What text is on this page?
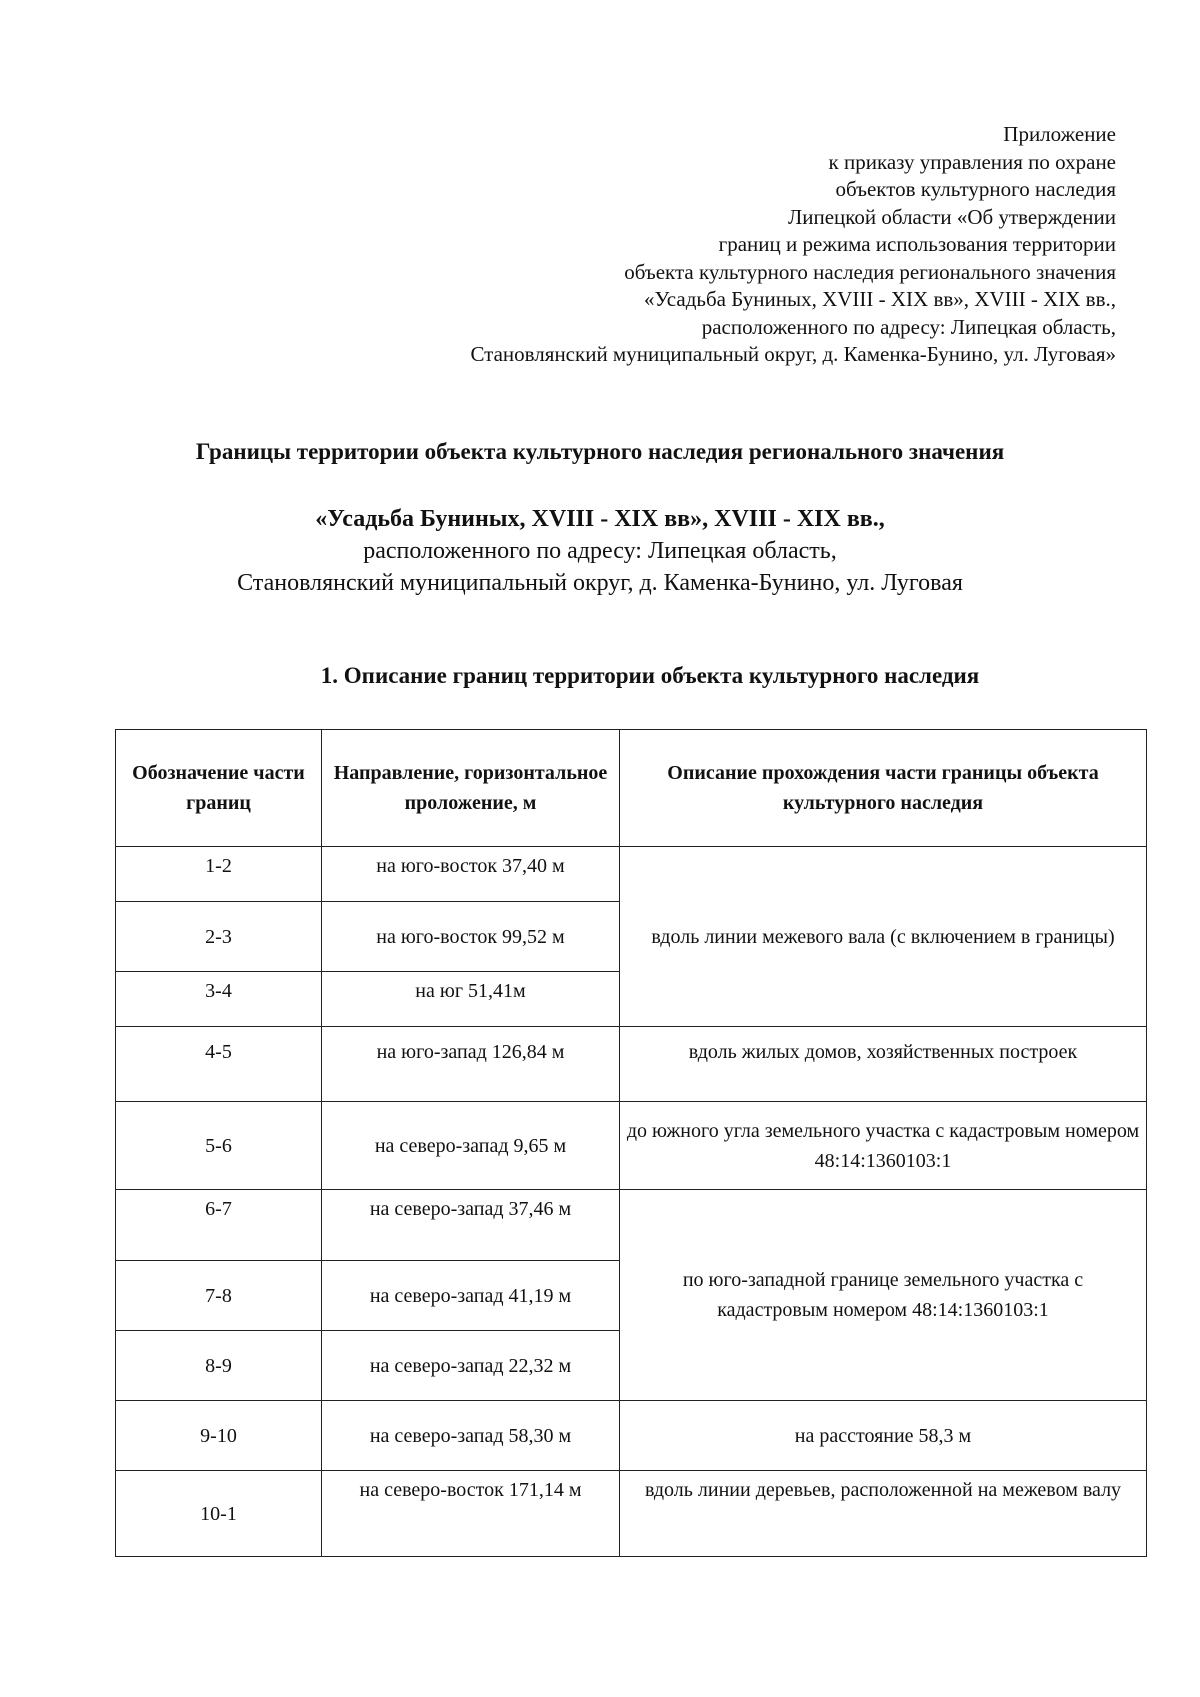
Приложение
к приказу управления по охране
объектов культурного наследия
Липецкой области «Об утверждении
границ и режима использования территории
объекта культурного наследия регионального значения
«Усадьба Буниных, XVIII - XIX вв», XVIII - XIX вв.,
расположенного по адресу: Липецкая область,
Становлянский муниципальный округ, д. Каменка-Бунино, ул. Луговая»
Границы территории объекта культурного наследия регионального значения
«Усадьба Буниных, XVIII - XIX вв», XVIII - XIX вв.,
расположенного по адресу: Липецкая область,
Становлянский муниципальный округ, д. Каменка-Бунино, ул. Луговая
1. Описание границ территории объекта культурного наследия
Обозначение части границ	Направление, горизонтальное проложение, м	Описание прохождения части границы объекта культурного наследия
1-2	на юго-восток 37,40 м	вдоль линии межевого вала (с включением в границы)
2-3	на юго-восток 99,52 м	
3-4	на юг 51,41м	
4-5	на юго-запад 126,84 м	вдоль жилых домов, хозяйственных построек
5-6	на северо-запад 9,65 м	до южного угла земельного участка с кадастровым номером 48:14:1360103:1
6-7	на северо-запад 37,46 м	по юго-западной границе земельного участка с кадастровым номером 48:14:1360103:1
7-8	на северо-запад 41,19 м	
8-9	на северо-запад 22,32 м	
9-10	на северо-запад 58,30 м	на расстояние 58,3 м
10-1	на северо-восток 171,14 м	вдоль линии деревьев, расположенной на межевом валу
